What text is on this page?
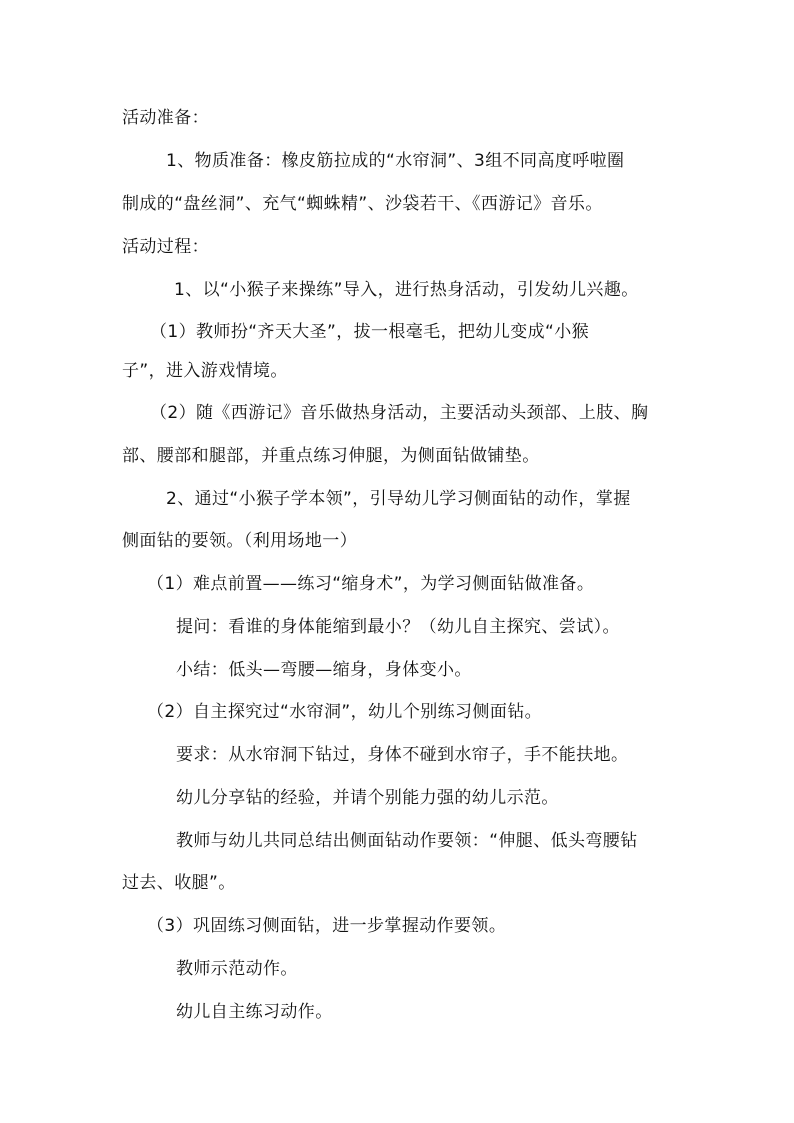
活动准备：
1、物质准备：橡皮筋拉成的“水帘洞”、3组不同高度呼啦圈
制成的“盘丝洞”、充气“蜘蛛精”、沙袋若干、《西游记》音乐。
活动过程：
1、以“小猴子来操练”导入，进行热身活动，引发幼儿兴趣。
（1）教师扮“齐天大圣”，拔一根毫毛，把幼儿变成“小猴
子”，进入游戏情境。
（2）随《西游记》音乐做热身活动，主要活动头颈部、上肢、胸
部、腰部和腿部，并重点练习伸腿，为侧面钻做铺垫。
2、通过“小猴子学本领”，引导幼儿学习侧面钻的动作，掌握
侧面钻的要领。（利用场地一）
（1）难点前置——练习“缩身术”，为学习侧面钻做准备。
提问：看谁的身体能缩到最小？（幼儿自主探究、尝试）。
小结：低头—弯腰—缩身，身体变小。
（2）自主探究过“水帘洞”，幼儿个别练习侧面钻。
要求：从水帘洞下钻过，身体不碰到水帘子，手不能扶地。
幼儿分享钻的经验，并请个别能力强的幼儿示范。
教师与幼儿共同总结出侧面钻动作要领：“伸腿、低头弯腰钻
过去、收腿”。
（3）巩固练习侧面钻，进一步掌握动作要领。
教师示范动作。
幼儿自主练习动作。
